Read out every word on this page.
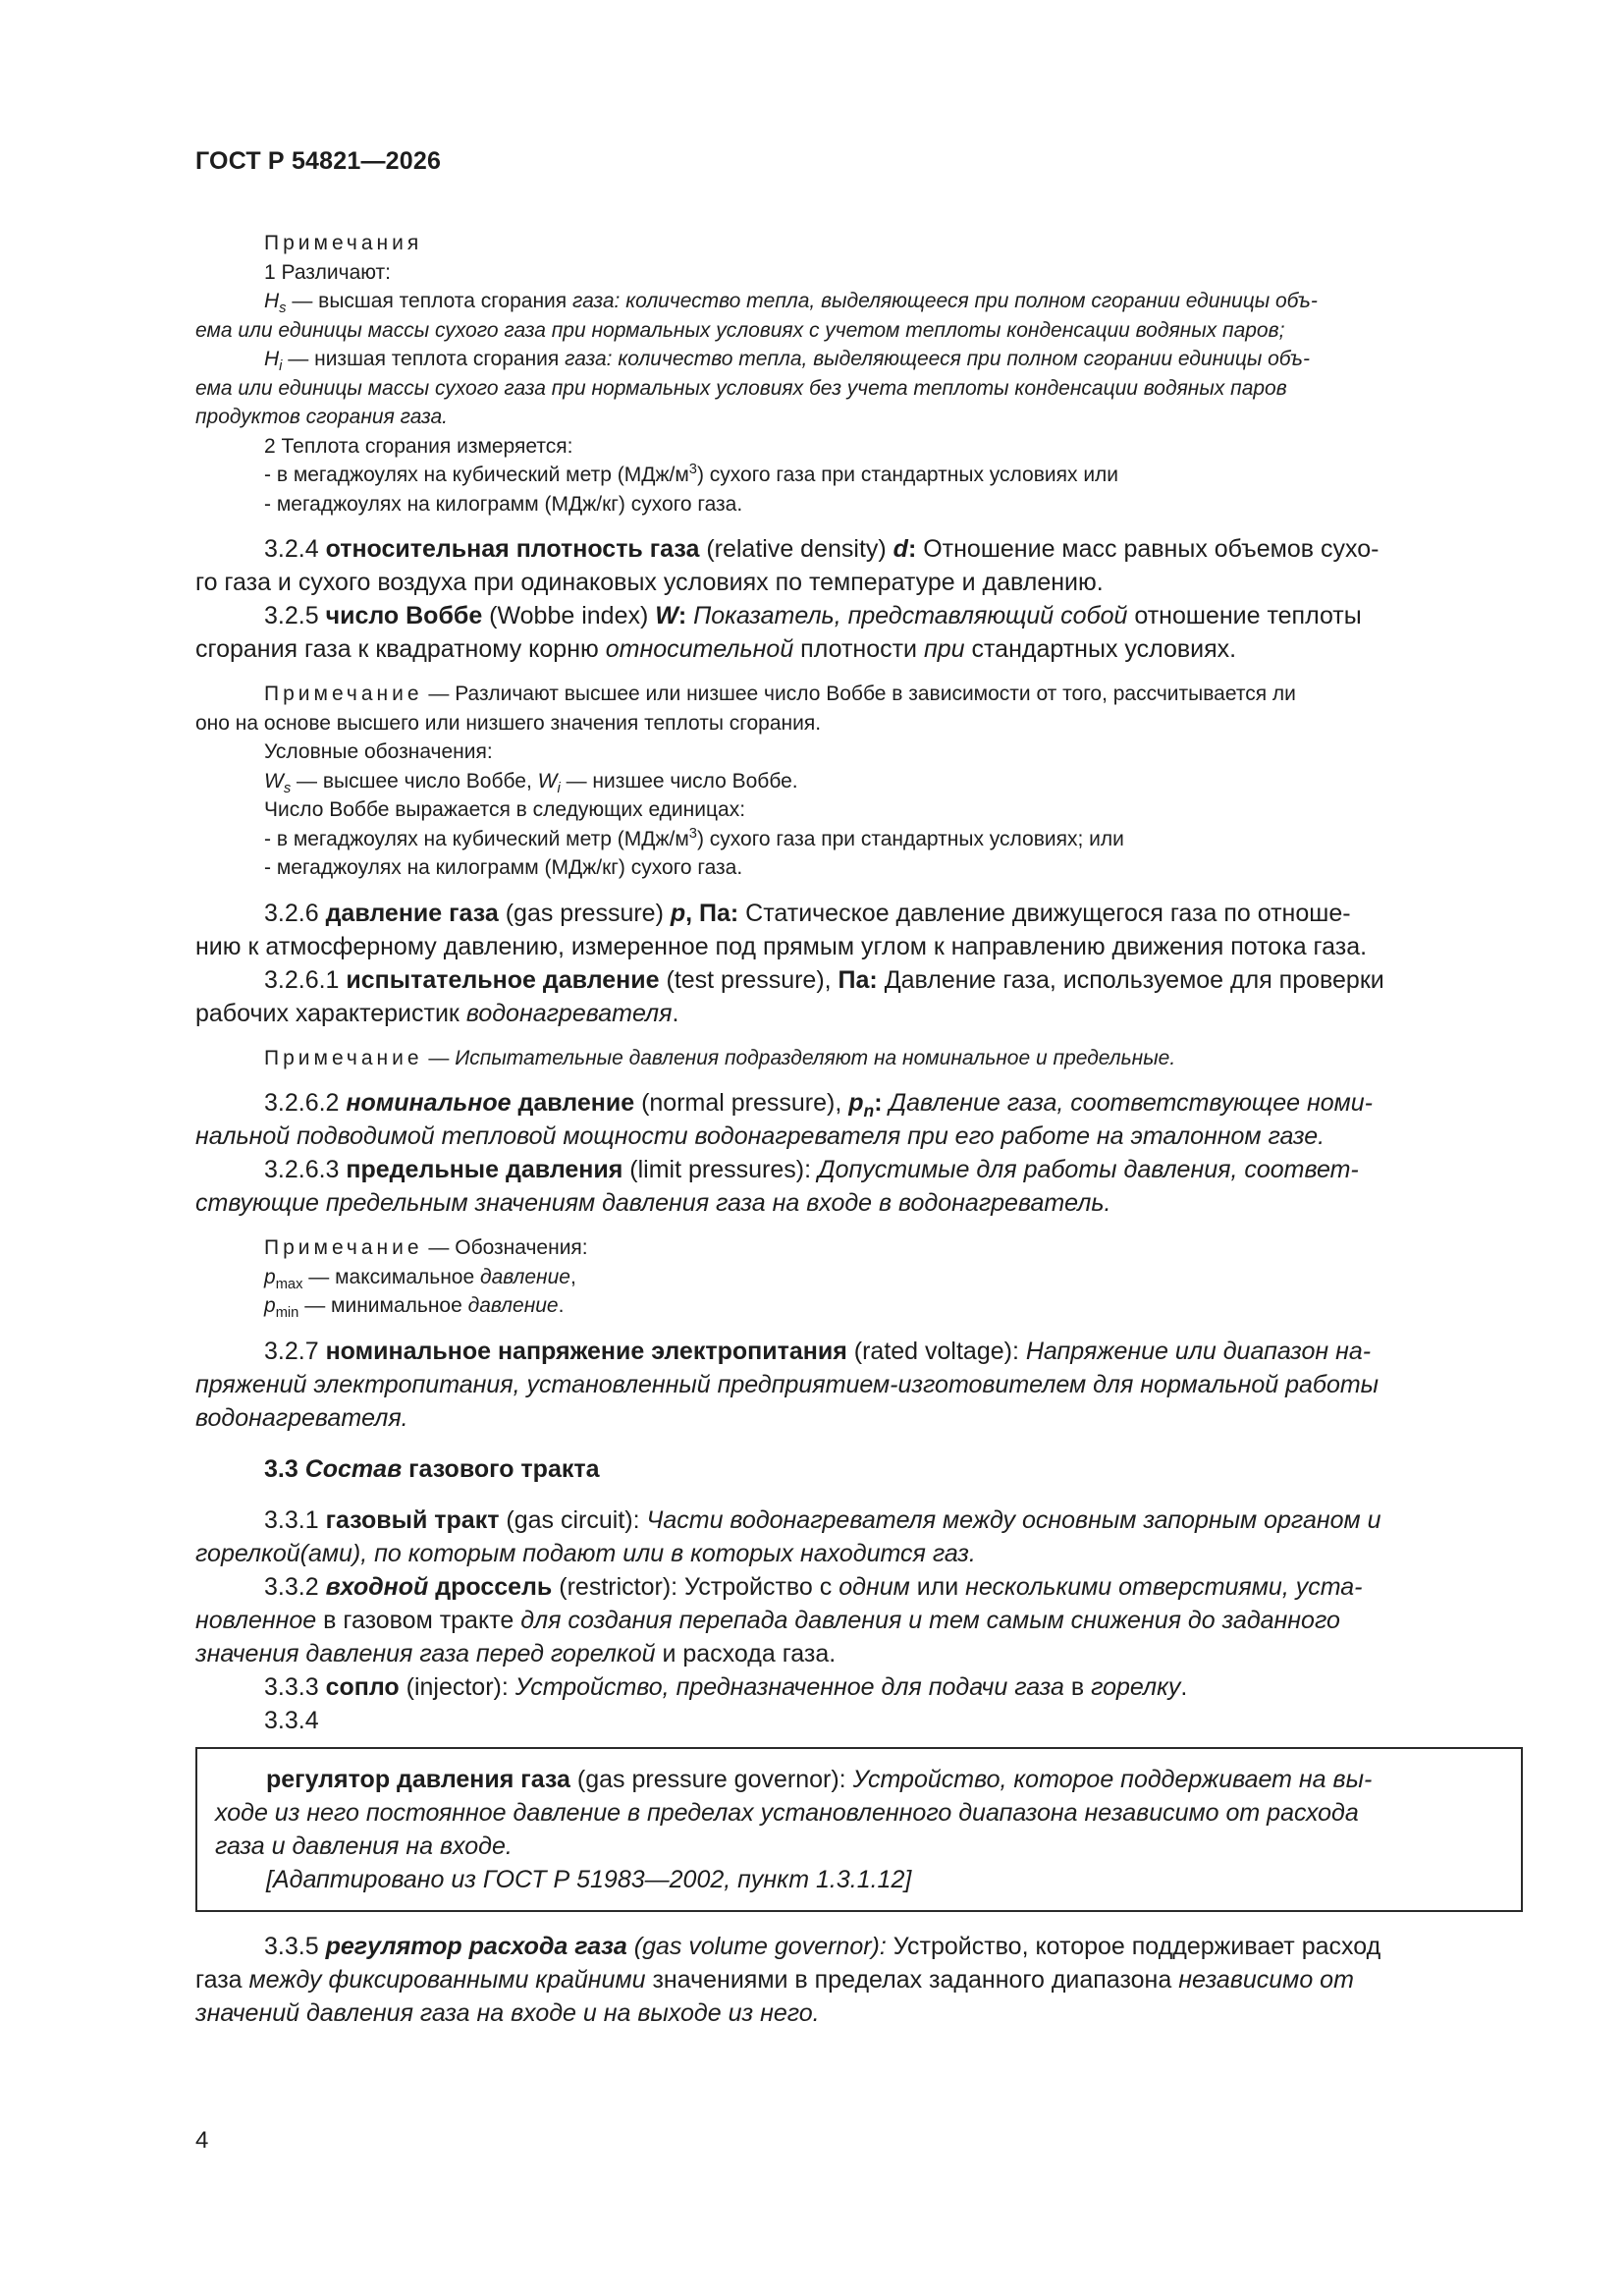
ГОСТ Р 54821—2026

Примечания

1 Различают:

$H_s$ — высшая теплота сгорания газа: количество тепла, выделяющееся при полном сгорании единицы объ-

ема или единицы массы сухого газа при нормальных условиях с учетом теплоты конденсации водяных паров;

$H_i$ — низшая теплота сгорания газа: количество тепла, выделяющееся при полном сгорании единицы объ-

ема или единицы массы сухого газа при нормальных условиях без учета теплоты конденсации водяных паров

продуктов сгорания газа.

2 Теплота сгорания измеряется:

- в мегаджоулях на кубический метр $(МДж/м^3)$ сухого газа при стандартных условиях или

- мегаджоулях на килограмм (МДж/кг) сухого газа.

3.2.4 относительная плотность газа (relative density) d: Отношение масс равных объемов сухо-

го газа и сухого воздуха при одинаковых условиях по температуре и давлению.

3.2.5 число Воббе (Wobbe index) W: Показатель, представляющий собой отношение теплоты

сгорания газа к квадратному корню относительной плотности при стандартных условиях.

Примечание — Различают высшее или низшее число Воббе в зависимости от того, рассчитывается ли

оно на основе высшего или низшего значения теплоты сгорания.

Условные обозначения:

$W_s$ — высшее число Воббе, $W_i$ — низшее число Воббе.

Число Воббе выражается в следующих единицах:

- в мегаджоулях на кубический метр $(МДж/м^3)$ сухого газа при стандартных условиях; или

- мегаджоулях на килограмм (МДж/кг) сухого газа.

3.2.6 давление газа (gas pressure) p, Па: Статическое давление движущегося газа по отноше-

нию к атмосферному давлению, измеренное под прямым углом к направлению движения потока газа.

3.2.6.1 испытательное давление (test pressure), Па: Давление газа, используемое для проверки

рабочих характеристик водонагревателя.

Примечание — Испытательные давления подразделяют на номинальное и предельные.

3.2.6.2 номинальное давление (normal pressure), $p_n$: Давление газа, соответствующее номи-

нальной подводимой тепловой мощности водонагревателя при его работе на эталонном газе.

3.2.6.3 предельные давления (limit pressures): Допустимые для работы давления, соответ-

ствующие предельным значениям давления газа на входе в водонагреватель.

Примечание — Обозначения:

$p_{max}$ — максимальное давление,

$p_{min}$ — минимальное давление.

3.2.7 номинальное напряжение электропитания (rated voltage): Напряжение или диапазон на-

пряжений электропитания, установленный предприятием-изготовителем для нормальной работы

водонагревателя.

3.3 Состав газового тракта

3.3.1 газовый тракт (gas circuit): Части водонагревателя между основным запорным органом и

горелкой(ами), по которым подают или в которых находится газ.

3.3.2 входной дроссель (restrictor): Устройство с одним или несколькими отверстиями, уста-

новленное в газовом тракте для создания перепада давления и тем самым снижения до заданного

значения давления газа перед горелкой и расхода газа.

3.3.3 сопло (injector): Устройство, предназначенное для подачи газа в горелку.

3.3.4

регулятор давления газа (gas pressure governor): Устройство, которое поддерживает на вы-

ходе из него постоянное давление в пределах установленного диапазона независимо от расхода

газа и давления на входе.

[Адаптировано из ГОСТ Р 51983—2002, пункт 1.3.1.12]

3.3.5 регулятор расхода газа (gas volume governor): Устройство, которое поддерживает расход

газа между фиксированными крайними значениями в пределах заданного диапазона независимо от

значений давления газа на входе и на выходе из него.

4
